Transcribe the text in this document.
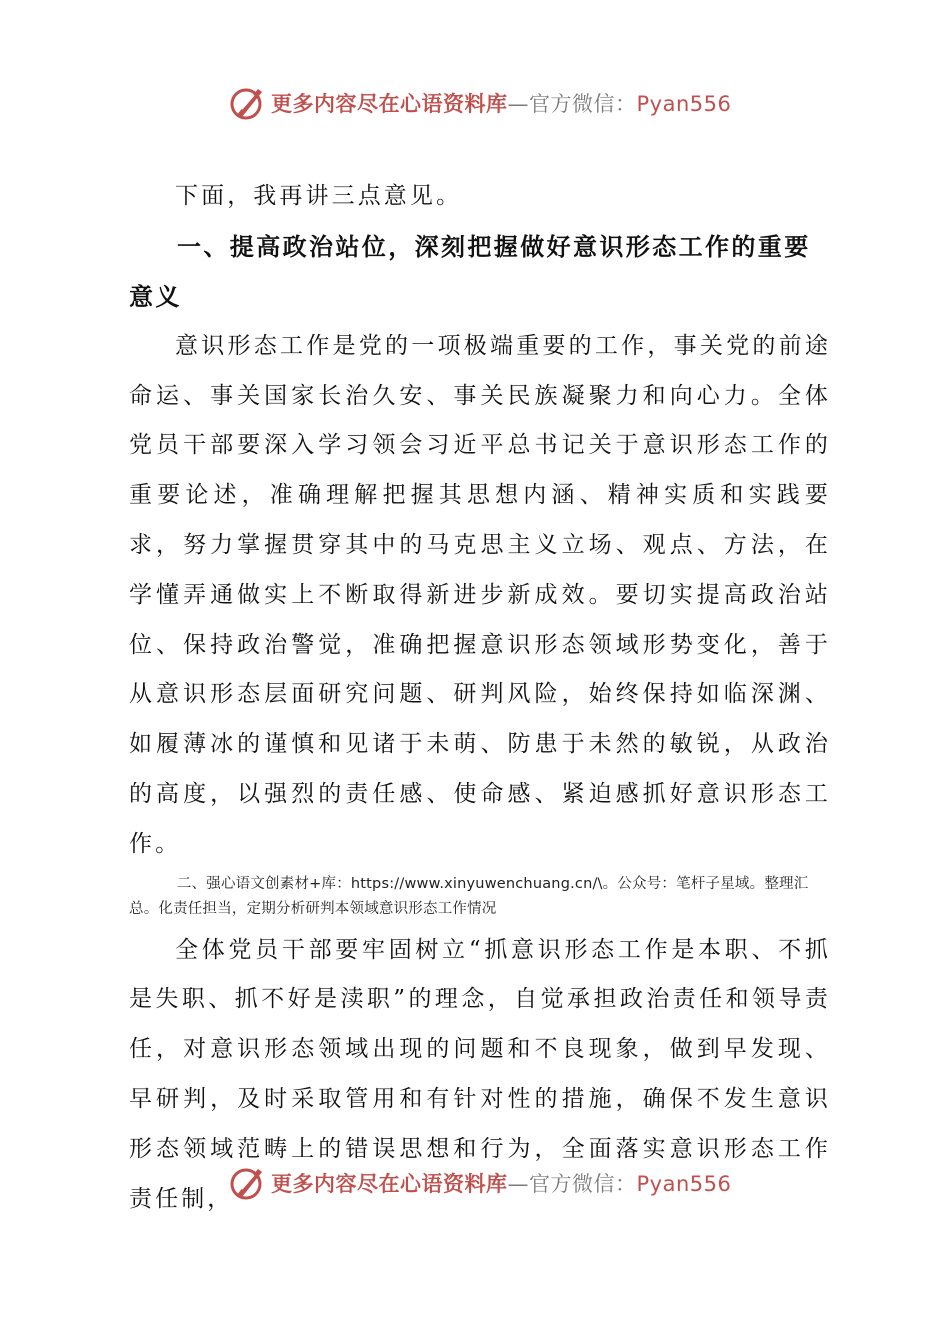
更多内容尽在心语资料库—官方微信：Pyan556

下面，我再讲三点意见。

一、提高政治站位，深刻把握做好意识形态工作的重要意义

意识形态工作是党的一项极端重要的工作，事关党的前途命运、事关国家长治久安、事关民族凝聚力和向心力。全体党员干部要深入学习领会习近平总书记关于意识形态工作的重要论述，准确理解把握其思想内涵、精神实质和实践要求，努力掌握贯穿其中的马克思主义立场、观点、方法，在学懂弄通做实上不断取得新进步新成效。要切实提高政治站位、保持政治警觉，准确把握意识形态领域形势变化，善于从意识形态层面研究问题、研判风险，始终保持如临深渊、如履薄冰的谨慎和见诸于未萌、防患于未然的敏锐，从政治的高度，以强烈的责任感、使命感、紧迫感抓好意识形态工作。

二、强心语文创素材+库：https://www.xinyuwenchuang.cn/\。公众号：笔杆子星域。整理汇总。化责任担当，定期分析研判本领域意识形态工作情况

全体党员干部要牢固树立“抓意识形态工作是本职、不抓是失职、抓不好是渎职”的理念，自觉承担政治责任和领导责任，对意识形态领域出现的问题和不良现象，做到早发现、早研判，及时采取管用和有针对性的措施，确保不发生意识形态领域范畴上的错误思想和行为，全面落实意识形态工作责任制，

更多内容尽在心语资料库—官方微信：Pyan556
